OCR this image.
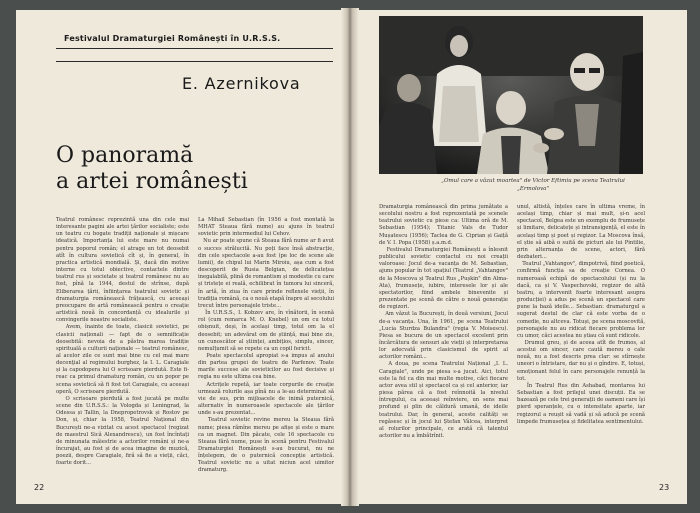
Festivalul Dramaturgiei Românești în U.R.S.S.
E. Azernikova
O panoramă
a artei românești
Teatrul românesc reprezintă una din cele mai interesante pagini ale artei țărilor socialiste; este un teatru cu bogate tradiții naționale și mișcare ideatică. Importanța lui este mare nu numai pentru poporul român; el atrage un tot deosebit atît în cultura sovietică cît și, în general, în practica artistică mondială. Și, dacă din motive interne cu totul obiective, contactele dintre teatrul rus și societate și teatrul românesc nu au fost, pînă la 1944, destul de strînse, după Eliberarea țării, înființarea teatrului sovietic și dramaturgia românească frățească, cu aceeași preocupare de artă românească pentru o creație artistică nouă în concordanță cu idealurile și convingerile noastre socialiste.
Avem, înainte de toate, clasicii sovietici, pe clasicii naționali — fapt de o semnificație deosebită: nevoia de a păstra marea tradiție spirituală a culturii naționale — teatrul românesc, al acelor zile ce sunt mai bine cu cel mai mare decenţial al regimului burghez, la I. L. Caragiale și la capodopera lui O scrisoare pierdută. Este fi-reac ca primul dramaturg român, cu un popor pe scena sovietică să fi fost tot Caragiale, cu aceeași operă, O scrisoare pierdută.
O scrisoare pierdută a fost jucată pe multe scene din U.R.S.S.: la Vologda și Leningrad, la Odessa și Tallin, la Dnepropetrovsk și Rostov pe Don, și, chiar la 1958, Teatrul Național din București ne-a vizitat cu acest spectacol (regizat de maestrul Sică Alexandrescu), un fost încîntați de minunata măiestrie a actorilor români și ne-a încurajat, au fost și de acea imagine de muzică, poezii, despre Caragiale, firă să fie a vieții, căci, foarte dorit...
La Mihail Sebastian (în 1956 a fost montată la MHAT Steaua fără nume) au ajuns în teatrul sovietic prin intermediul lui Cehov.
Nu ar poate spune că Steaua fără nume ar fi avut o succes strălucită. Nu poți face însă abstracție, din cele spectacole a-au fost (pe loc de scene ale lumii), de chipul lui Marin Miroiu, așa cum a fost descoperit de Rusia Belgian, de delicatețea inegalabilă, plină de romantism și modestie cu care și tristețe ei reală, echilibrat în tumora lui sinceră, în artă, în ziua în care prinde reflexele vieții, în tradiția română, ca o nouă etapă înspre al secolului trecut între personajele triste...
În U.R.S.S., I. Kobzev are, în vînătorii, în scenă rol (cum remarca M. O. Knebel) un om cu totul obișnuit, deși, în același timp, totul om la el deosebit; un adevărat om de știință, mai bine zis, un cunoscător al științei, ambițios, simplu, sincer, nemulțumit să se repete ca un copil fericit.
Poate spectacolul apropiat s-a impus al anului din partea grupei de teatru de Parfenov. Toate marile succese ale sovieticilor au fost decisive și regia nu este ultima cea bine.
Actrițele repetă, iar toate corpurile de creație urmează rolurile așa pînă nu a le-au determinat să vie de sus, prin mijloacele de inimă puternică, alternativ în numeroasele spectacole ale țărilor unde s-au prezentat...
Teatrul sovietic revine mereu la Steaua fără nume; piesa rămîne mereu pe afișe și este o mare ca un magnet. Din păcate, cele 16 spectacole cu Steaua fără nume, puse în scenă pentru Festivalul Dramaturgiei Românești s-au bucurat, nu ne înțelegem, de o puternică concepție artistică. Teatrul sovietic nu a uitat niciun acel uimitor dramaturg.
22
„Omul care a văzut moartea" de Victor Eftimiu pe scena Teatrului „Ermolova"
Dramaturgia românească din prima jumătate a secolului nostru a fost reprezentată pe scenele teatrului sovietic cu piese ca: Ultima oră de M. Sebastian (1954); Titanic Vals de Tudor Mușatescu (1956); Taclea de G. Ciprian și Gaiță de V. I. Popa (1958) ș.a.m.d.
Festivalul Dramaturgiei Românești a înlesnit publicului sovietic contactul cu noi creații valoroase: Jocul de-a vacanța de M. Sebastian, ajuns popular în tot spațiul (Teatrul „Vahtangov" de la Moscova și Teatrul Rus „Pușkin" din Alma-Ata), frumusețe, iubire, interesele lor și ale spectatorilor, fiind ambele binevenite și prezentate pe scenă de către o nouă generație de regizori.
Am văzut la București, în două versiuni, Jocul de-a vacanța. Una, în 1961, pe scena Teatrului „Lucia Sturdza Bulandra" (regia V. Moisescu). Piesa se bucura de un spectacol excelent prin încărcătura de sensuri ale vieții și interpretarea lor adecvată prin clasicismul de spirit al actorilor români...
A doua, pe scena Teatrului Național „I. L. Caragiale", unde pe piesa s-a jucat. Aici, totul este la fel ca din mai multe motive, căci fiecare actor avea stil și spectacol ca și cel anterior, iar piesa părea că a fost reînnoită la nivelul întregului, ca aceeași reînviere, un sens mai profund și plin de căldură umană, de ideile teatrului. Dar, în general, aceste calități se regăsesc și în jocul lui Ștefan Vâlcea, interpret al rolurilor principale, ce arată că talentul actorilor nu a îmbătrînit.
unul, altistă, înțeles care în ultima vreme, în același timp, chiar și mai mult, și-n acel spectacol, Belgea este un exemplu de frumusețe și limitare, delicatețe și intransigență, el este în același timp și poet și regizor. La Moscova însă, el știe să aibă o suită de picturi ale lui Pintilie, prin alternanța de scene, actori, fără dezbateri...
Teatrul „Vahtangov", dimpotrivă, fiind poetică, confirmă funcția sa de creație Cornea. O numeroasă echipă de spectacolului (și nu la dacă, ca și V. Vaspechovski, regizor de altă teatru, a intervenit foarte interesant asupra producției) a adus pe scenă un spectacol care pune la bază ideile... Sebastian: dramaturgul a sugerat destul de clar că este vorba de o comedie, nu altceva. Totuși, pe scena moscovită, personajele nu au ridicat fiecare problema lor cu umor, căci acestea nu știau că sunt ridicole.
Drumul greu, și de aceea atît de frumos, al acestui om sincer, care caută mereu o cale nouă, nu a fost descris prea clar: se stîrnește uneori o întristare, dar nu și o gîndire. E, totuși, emoționant felul în care personajele renunță la tot.
În Teatrul Rus din Ashabad, montarea lui Sebastian a fost prilejul unei discuții. Ea se bazează pe cele trei generații de oameni care își pierd speranțele, cu o intensitate aparte, iar regizorul a reușit să vadă și să aducă pe scenă limpede frumusețea și fidelitatea sentimentului.
23
